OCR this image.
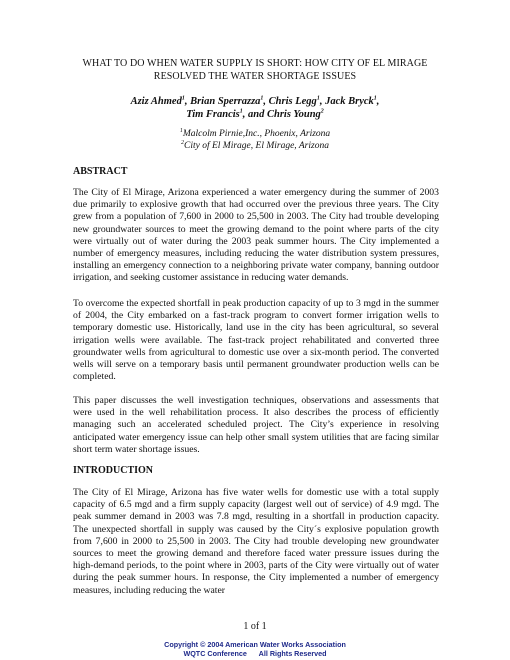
WHAT TO DO WHEN WATER SUPPLY IS SHORT: HOW CITY OF EL MIRAGE
RESOLVED THE WATER SHORTAGE ISSUES
Aziz Ahmed$^1$, Brian Sperrazza$^1$, Chris Legg$^1$, Jack Bryck$^1$,
Tim Francis$^1$, and Chris Young$^2$
$^1$Malcolm Pirnie,Inc., Phoenix, Arizona
$^2$City of El Mirage, El Mirage, Arizona
ABSTRACT
The City of El Mirage, Arizona experienced a water emergency during the summer of 2003 due primarily to explosive growth that had occurred over the previous three years. The City grew from a population of 7,600 in 2000 to 25,500 in 2003. The City had trouble developing new groundwater sources to meet the growing demand to the point where parts of the city were virtually out of water during the 2003 peak summer hours. The City implemented a number of emergency measures, including reducing the water distribution system pressures, installing an emergency connection to a neighboring private water company, banning outdoor irrigation, and seeking customer assistance in reducing water demands.
To overcome the expected shortfall in peak production capacity of up to 3 mgd in the summer of 2004, the City embarked on a fast-track program to convert former irrigation wells to temporary domestic use. Historically, land use in the city has been agricultural, so several irrigation wells were available. The fast-track project rehabilitated and converted three groundwater wells from agricultural to domestic use over a six-month period. The converted wells will serve on a temporary basis until permanent groundwater production wells can be completed.
This paper discusses the well investigation techniques, observations and assessments that were used in the well rehabilitation process. It also describes the process of efficiently managing such an accelerated scheduled project. The City’s experience in resolving anticipated water emergency issue can help other small system utilities that are facing similar short term water shortage issues.
INTRODUCTION
The City of El Mirage, Arizona has five water wells for domestic use with a total supply capacity of 6.5 mgd and a firm supply capacity (largest well out of service) of 4.9 mgd. The peak summer demand in 2003 was 7.8 mgd, resulting in a shortfall in production capacity. The unexpected shortfall in supply was caused by the City´s explosive population growth from 7,600 in 2000 to 25,500 in 2003. The City had trouble developing new groundwater sources to meet the growing demand and therefore faced water pressure issues during the high-demand periods, to the point where in 2003, parts of the City were virtually out of water during the peak summer hours. In response, the City implemented a number of emergency measures, including reducing the water
1 of 1
Copyright © 2004 American Water Works Association
WQTC Conference      All Rights Reserved
